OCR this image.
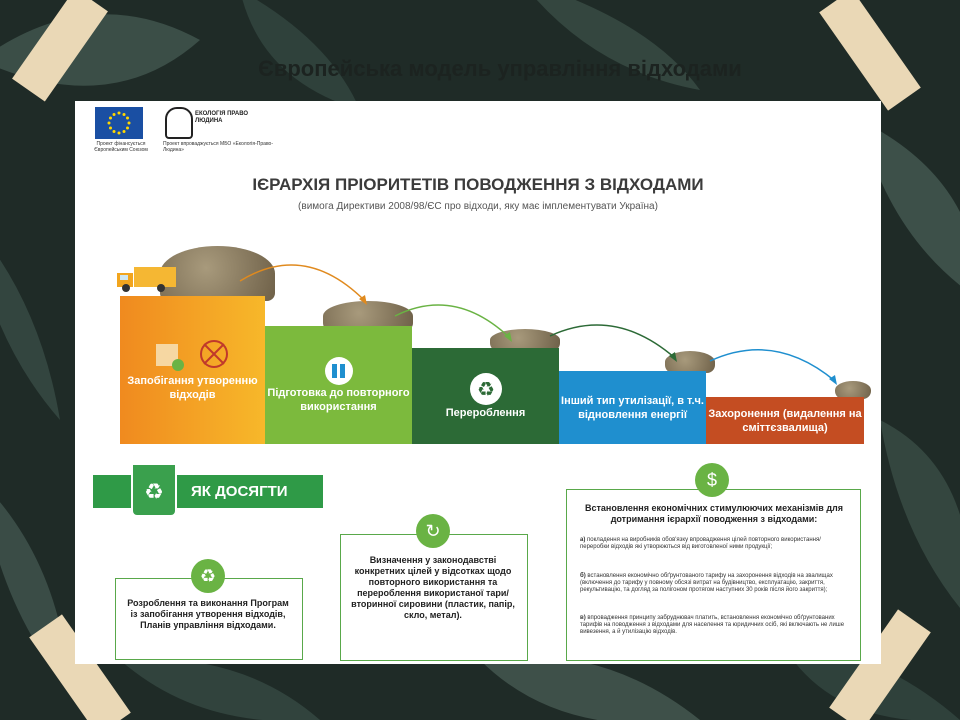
Європейська модель управління відходами
Проект фінансується Європейським Союзом
ЕКОЛОГІЯ ПРАВО ЛЮДИНА
Проект впроваджується МБО «Екологія-Право-Людина»
ІЄРАРХІЯ ПРІОРИТЕТІВ ПОВОДЖЕННЯ З ВІДХОДАМИ
(вимога Директиви 2008/98/ЄС про відходи, яку має імплементувати Україна)
Запобігання утворенню відходів	Підготовка до повторного використання
♻
Перероблення
Інший тип утилізації, в т.ч. відновлення енергії	Захоронення (видалення на сміттєзвалища)
♻	ЯК ДОСЯГТИ
♻
Розроблення та виконання Програм із запобігання утворення відходів, Планів управління відходами.
↻
Визначення у законодавстві конкретних цілей у відсотках щодо повторного використання та перероблення використаної тари/вторинної сировини (пластик, папір, скло, метал).
$
Встановлення економічних стимулюючих механізмів для дотримання ієрархії поводження з відходами:
а) покладення на виробників обов'язку впровадження цілей повторного використання/переробки відходів які утворюються від виготовленої ними продукції;
б) встановлення економічно обґрунтованого тарифу на захоронення відходів на звалищах (включення до тарифу у повному обсязі витрат на будівництво, експлуатацію, закриття, рекультивацію, та догляд за полігоном протягом наступних 30 років після його закриття);
в) впровадження принципу забруднювач платить, встановлення економічно обґрунтованих тарифів на поводження з відходами для населення та юридичних осіб, які включають не лише вивезення, а й утилізацію відходів.
